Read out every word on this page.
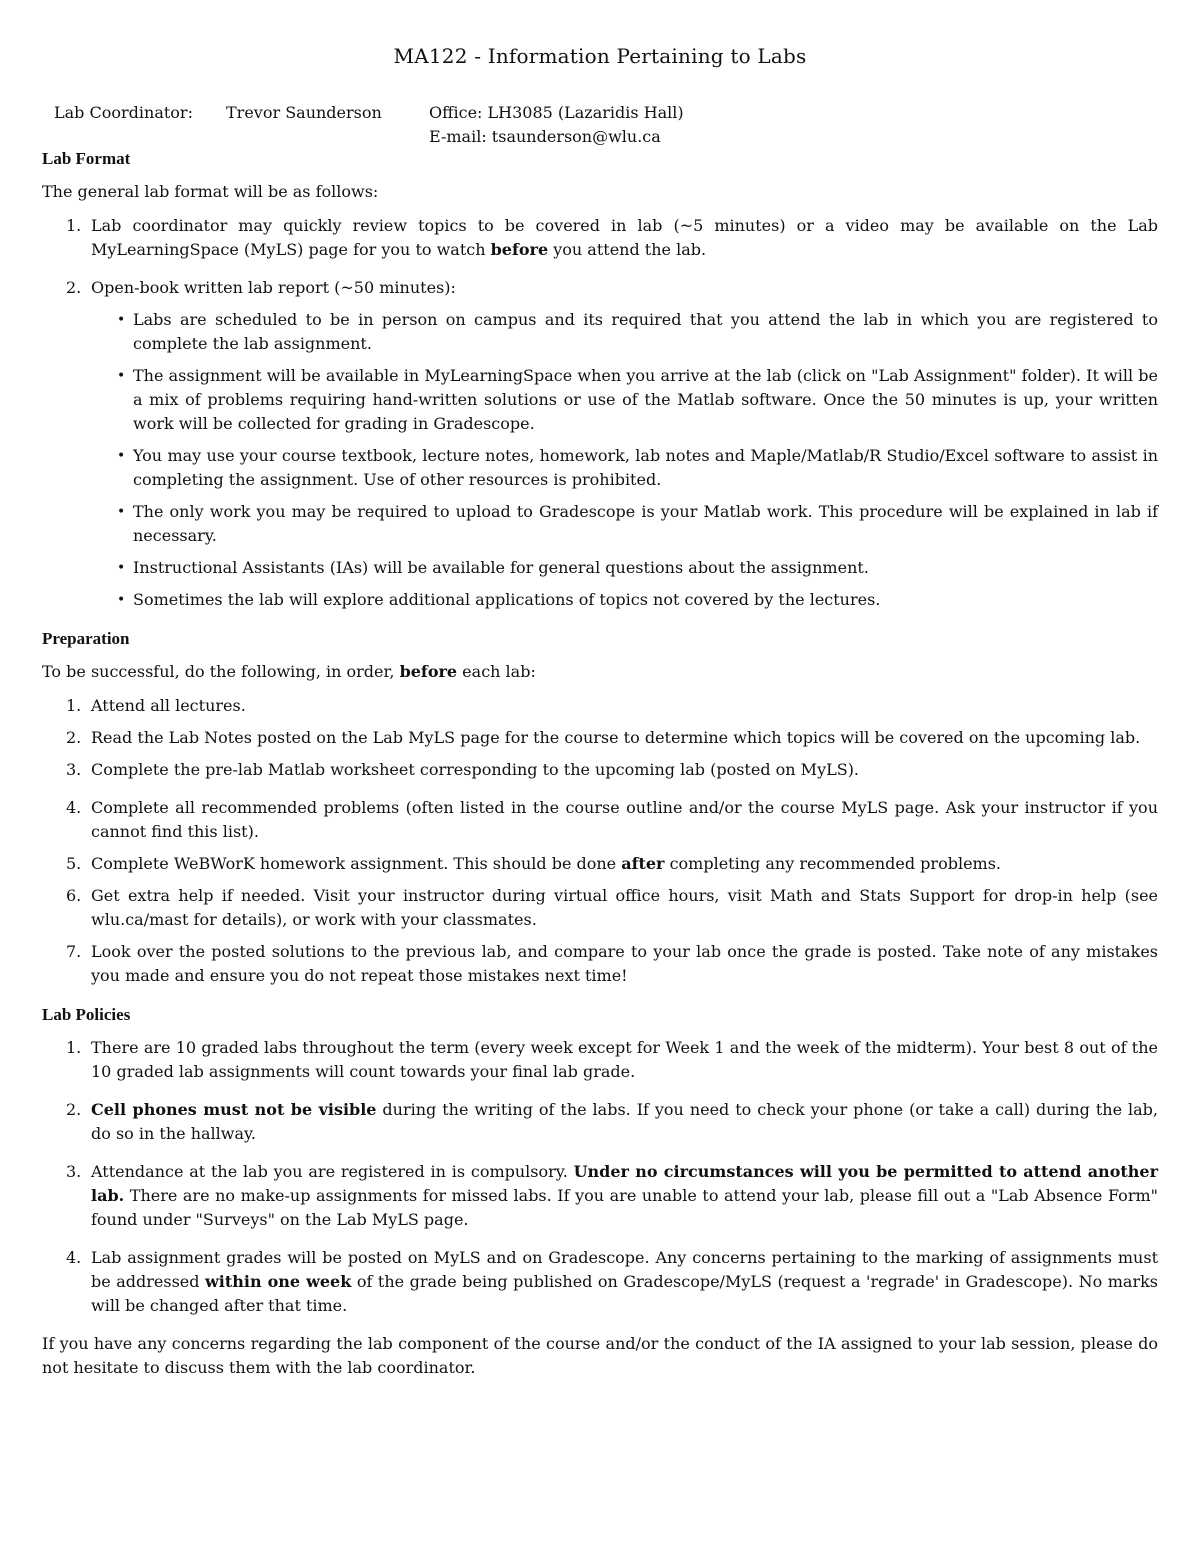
MA122 - Information Pertaining to Labs
Lab Coordinator: Trevor Saunderson	Office: LH3085 (Lazaridis Hall)
E-mail: tsaunderson@wlu.ca
Lab Format

The general lab format will be as follows:

1. Lab coordinator may quickly review topics to be covered in lab (~5 minutes) or a video may be available on the Lab MyLearningSpace (MyLS) page for you to watch before you attend the lab.
2. Open-book written lab report (~50 minutes):
• Labs are scheduled to be in person on campus and its required that you attend the lab in which you are registered to complete the lab assignment.
• The assignment will be available in MyLearningSpace when you arrive at the lab (click on "Lab Assignment" folder). It will be a mix of problems requiring hand-written solutions or use of the Matlab software. Once the 50 minutes is up, your written work will be collected for grading in Gradescope.
• You may use your course textbook, lecture notes, homework, lab notes and Maple/Matlab/R Studio/Excel software to assist in completing the assignment. Use of other resources is prohibited.
• The only work you may be required to upload to Gradescope is your Matlab work. This procedure will be explained in lab if necessary.
• Instructional Assistants (IAs) will be available for general questions about the assignment.
• Sometimes the lab will explore additional applications of topics not covered by the lectures.
Preparation

To be successful, do the following, in order, before each lab:

1. Attend all lectures.
2. Read the Lab Notes posted on the Lab MyLS page for the course to determine which topics will be covered on the upcoming lab.
3. Complete the pre-lab Matlab worksheet corresponding to the upcoming lab (posted on MyLS).
4. Complete all recommended problems (often listed in the course outline and/or the course MyLS page. Ask your instructor if you cannot find this list).
5. Complete WeBWorK homework assignment. This should be done after completing any recommended problems.
6. Get extra help if needed. Visit your instructor during virtual office hours, visit Math and Stats Support for drop-in help (see wlu.ca/mast for details), or work with your classmates.
7. Look over the posted solutions to the previous lab, and compare to your lab once the grade is posted. Take note of any mistakes you made and ensure you do not repeat those mistakes next time!
Lab Policies
1. There are 10 graded labs throughout the term (every week except for Week 1 and the week of the midterm). Your best 8 out of the 10 graded lab assignments will count towards your final lab grade.
2. Cell phones must not be visible during the writing of the labs. If you need to check your phone (or take a call) during the lab, do so in the hallway.
3. Attendance at the lab you are registered in is compulsory. Under no circumstances will you be permitted to attend another lab. There are no make-up assignments for missed labs. If you are unable to attend your lab, please fill out a "Lab Absence Form" found under "Surveys" on the Lab MyLS page.
4. Lab assignment grades will be posted on MyLS and on Gradescope. Any concerns pertaining to the marking of assignments must be addressed within one week of the grade being published on Gradescope/MyLS (request a 'regrade' in Gradescope). No marks will be changed after that time.

If you have any concerns regarding the lab component of the course and/or the conduct of the IA assigned to your lab session, please do not hesitate to discuss them with the lab coordinator.
